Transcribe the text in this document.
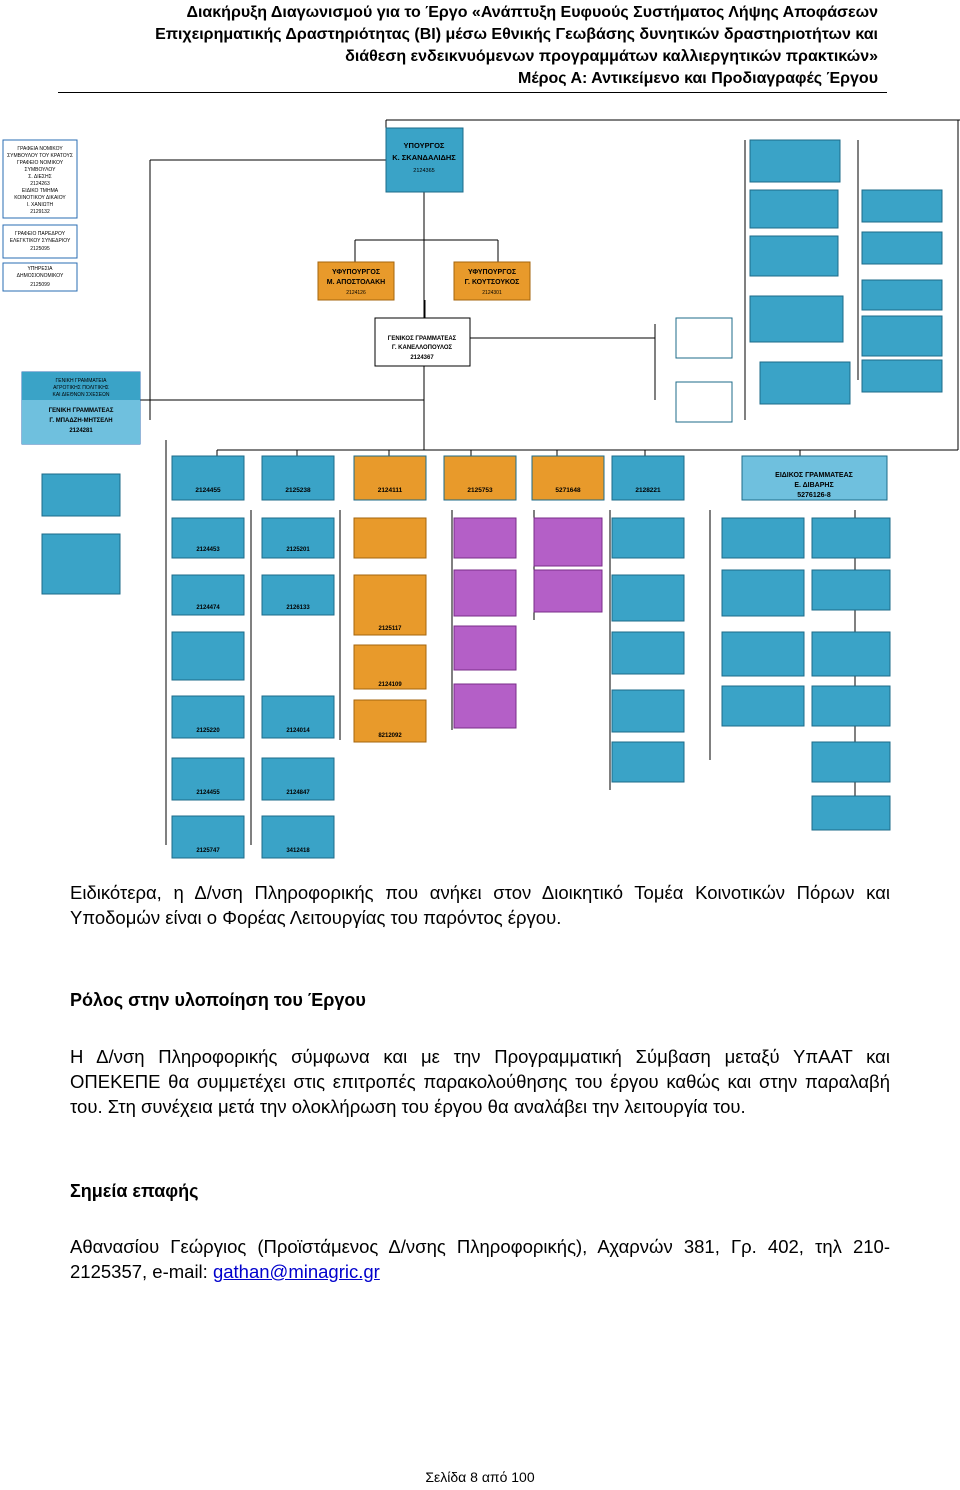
Διακήρυξη Διαγωνισμού για το Έργο «Ανάπτυξη Ευφυούς Συστήματος Λήψης Αποφάσεων
Επιχειρηματικής Δραστηριότητας (BI) μέσω Εθνικής Γεωβάσης δυνητικών δραστηριοτήτων και
διάθεση ενδεικνυόμενων προγραμμάτων καλλιεργητικών πρακτικών»
Μέρος Α: Αντικείμενο και Προδιαγραφές Έργου
ΓΡΑΦΕΙΑ ΝΟΜΙΚΟΥ
ΣΥΜΒΟΥΛΟΥ ΤΟΥ ΚΡΑΤΟΥΣ
ΓΡΑΦΕΙΟ ΝΟΜΙΚΟΥ
ΣΥΜΒΟΥΛΟΥ
Σ. ΔΙΕΣΗΣ
2124263
ΕΙΔΙΚΟ ΤΜΗΜΑ
ΚΟΙΝΟΤΙΚΟΥ ΔΙΚΑΙΟΥ
Ι. ΧΑΝΙΩΤΗ
2129132
ΓΡΑΦΕΙΟ ΠΑΡΕΔΡΟΥ
ΕΛΕΓΚΤΙΚΟΥ ΣΥΝΕΔΡΙΟΥ
2125095
ΥΠΗΡΕΣΙΑ
ΔΗΜΟΣΙΟΝΟΜΙΚΟΥ
2125099
ΥΠΟΥΡΓΟΣ
Κ. ΣΚΑΝΔΑΛΙΔΗΣ
2124365
ΥΦΥΠΟΥΡΓΟΣ
Μ. ΑΠΟΣΤΟΛΑΚΗ
ΥΦΥΠΟΥΡΓΟΣ
Γ. ΚΟΥΤΣΟΥΚΟΣ
2124126	2124301
ΓΕΝΙΚΟΣ ΓΡΑΜΜΑΤΕΑΣ
Γ. ΚΑΝΕΛΛΟΠΟΥΛΟΣ
2124367
ΓΕΝΙΚΗ ΓΡΑΜΜΑΤΕΙΑ
ΑΓΡΟΤΙΚΗΣ ΠΟΛΙΤΙΚΗΣ
ΚΑΙ ΔΙΕΘΝΩΝ ΣΧΕΣΕΩΝ
ΓΕΝΙΚΗ ΓΡΑΜΜΑΤΕΑΣ
Γ. ΜΠΑΔΖΗ-ΜΗΤΣΕΛΗ
2124281
ΕΙΔΙΚΟΣ ΓΡΑΜΜΑΤΕΑΣ
Ε. ΔΙΒΑΡΗΣ
5276126-8
2124455	2125238	2124111	2125753	5271648	2128221
2124453	2125201
2124474	2126133
2125117
2124109
8212092
2125220	2124014
2124455	2124847
2125747	3412418
Ειδικότερα, η Δ/νση Πληροφορικής που ανήκει στον Διοικητικό Τομέα Κοινοτικών Πόρων και Υποδομών είναι ο Φορέας Λειτουργίας του παρόντος έργου.
Ρόλος στην υλοποίηση του Έργου
Η Δ/νση Πληροφορικής σύμφωνα και με την Προγραμματική Σύμβαση μεταξύ ΥπΑΑΤ και ΟΠΕΚΕΠΕ θα συμμετέχει στις επιτροπές παρακολούθησης του έργου καθώς και στην παραλαβή του. Στη συνέχεια μετά την ολοκλήρωση του έργου θα αναλάβει την λειτουργία του.
Σημεία επαφής
Αθανασίου Γεώργιος (Προϊστάμενος Δ/νσης Πληροφορικής), Αχαρνών 381, Γρ. 402, τηλ 210-2125357, e-mail: gathan@minagric.gr
Σελίδα 8 από 100
